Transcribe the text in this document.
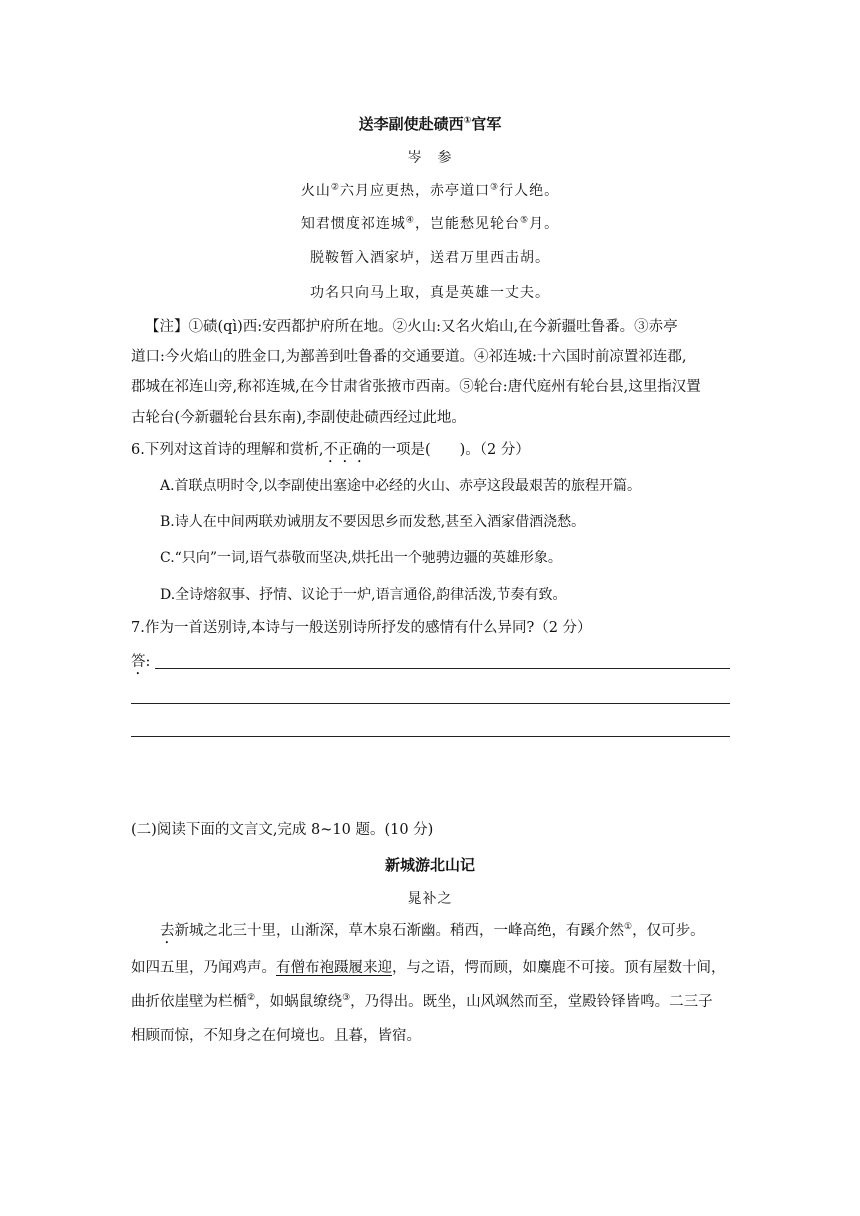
送李副使赴碛西①官军
岑　参
火山②六月应更热，赤亭道口③行人绝。
知君惯度祁连城④，岂能愁见轮台⑤月。
脱鞍暂入酒家垆，送君万里西击胡。
功名只向马上取，真是英雄一丈夫。
【注】①碛(qì)西:安西都护府所在地。②火山:又名火焰山,在今新疆吐鲁番。③赤亭
道口:今火焰山的胜金口,为鄯善到吐鲁番的交通要道。④祁连城:十六国时前凉置祁连郡,
郡城在祁连山旁,称祁连城,在今甘肃省张掖市西南。⑤轮台:唐代庭州有轮台县,这里指汉置
古轮台(今新疆轮台县东南),李副使赴碛西经过此地。
6.下列对这首诗的理解和赏析,不正确的一项是(　　)。（2 分）
A.首联点明时令,以李副使出塞途中必经的火山、赤亭这段最艰苦的旅程开篇。
B.诗人在中间两联劝诫朋友不要因思乡而发愁,甚至入酒家借酒浇愁。
C.“只向”一词,语气恭敬而坚决,烘托出一个驰骋边疆的英雄形象。
D.全诗熔叙事、抒情、议论于一炉,语言通俗,韵律活泼,节奏有致。
7.作为一首送别诗,本诗与一般送别诗所抒发的感情有什么异同?（2 分）
答:
(二)阅读下面的文言文,完成 8~10 题。(10 分)
新城游北山记
晁补之
去新城之北三十里，山渐深，草木泉石渐幽。稍西，一峰高绝，有蹊介然①，仅可步。
如四五里，乃闻鸡声。有僧布袍蹑履来迎，与之语，愕而顾，如麋鹿不可接。顶有屋数十间，
曲折依崖壁为栏楯②，如蜗鼠缭绕③，乃得出。既坐，山风飒然而至，堂殿铃铎皆鸣。二三子
相顾而惊，不知身之在何境也。且暮，皆宿。
